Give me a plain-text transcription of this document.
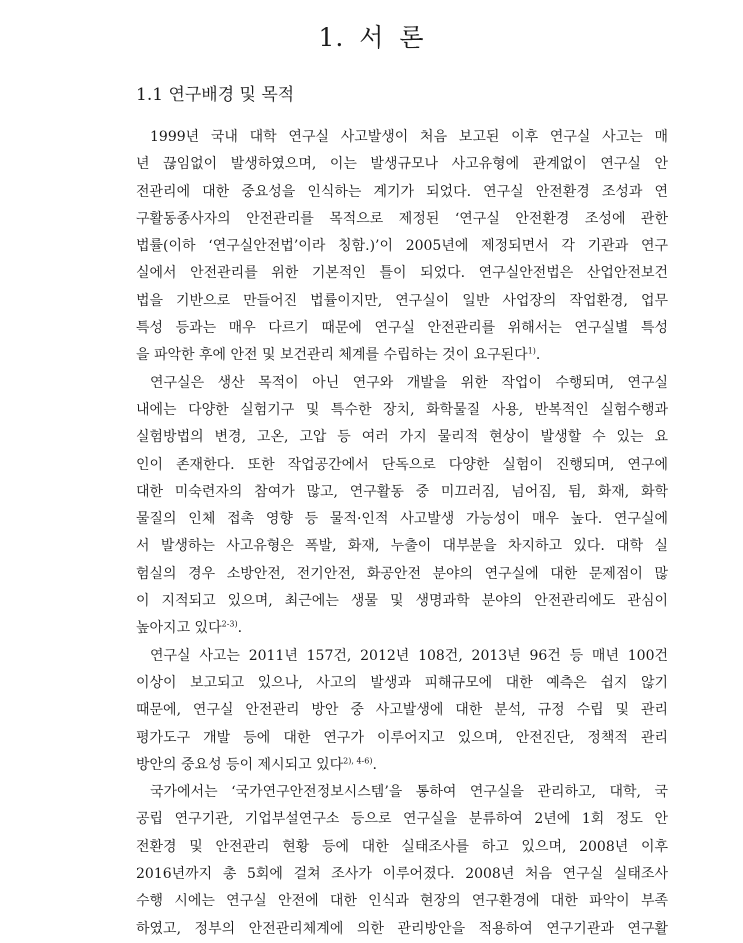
1. 서 론
1.1 연구배경 및 목적
1999년 국내 대학 연구실 사고발생이 처음 보고된 이후 연구실 사고는 매
년 끊임없이 발생하였으며, 이는 발생규모나 사고유형에 관계없이 연구실 안
전관리에 대한 중요성을 인식하는 계기가 되었다. 연구실 안전환경 조성과 연
구활동종사자의 안전관리를 목적으로 제정된 ‘연구실 안전환경 조성에 관한
법률(이하 ‘연구실안전법’이라 칭함.)’이 2005년에 제정되면서 각 기관과 연구
실에서 안전관리를 위한 기본적인 틀이 되었다. 연구실안전법은 산업안전보건
법을 기반으로 만들어진 법률이지만, 연구실이 일반 사업장의 작업환경, 업무
특성 등과는 매우 다르기 때문에 연구실 안전관리를 위해서는 연구실별 특성
을 파악한 후에 안전 및 보건관리 체계를 수립하는 것이 요구된다$^{1)}$.
연구실은 생산 목적이 아닌 연구와 개발을 위한 작업이 수행되며, 연구실
내에는 다양한 실험기구 및 특수한 장치, 화학물질 사용, 반복적인 실험수행과
실험방법의 변경, 고온, 고압 등 여러 가지 물리적 현상이 발생할 수 있는 요
인이 존재한다. 또한 작업공간에서 단독으로 다양한 실험이 진행되며, 연구에
대한 미숙련자의 참여가 많고, 연구활동 중 미끄러짐, 넘어짐, 뒴, 화재, 화학
물질의 인체 접촉 영향 등 물적·인적 사고발생 가능성이 매우 높다. 연구실에
서 발생하는 사고유형은 폭발, 화재, 누출이 대부분을 차지하고 있다. 대학 실
험실의 경우 소방안전, 전기안전, 화공안전 분야의 연구실에 대한 문제점이 많
이 지적되고 있으며, 최근에는 생물 및 생명과학 분야의 안전관리에도 관심이
높아지고 있다$^{2-3)}$.
연구실 사고는 2011년 157건, 2012년 108건, 2013년 96건 등 매년 100건
이상이 보고되고 있으나, 사고의 발생과 피해규모에 대한 예측은 쉽지 않기
때문에, 연구실 안전관리 방안 중 사고발생에 대한 분석, 규정 수립 및 관리
평가도구 개발 등에 대한 연구가 이루어지고 있으며, 안전진단, 정책적 관리
방안의 중요성 등이 제시되고 있다$^{2), 4-6)}$.
국가에서는 ‘국가연구안전정보시스템’을 통하여 연구실을 관리하고, 대학, 국
공립 연구기관, 기업부설연구소 등으로 연구실을 분류하여 2년에 1회 정도 안
전환경 및 안전관리 현황 등에 대한 실태조사를 하고 있으며, 2008년 이후
2016년까지 총 5회에 걸쳐 조사가 이루어졌다. 2008년 처음 연구실 실태조사
수행 시에는 연구실 안전에 대한 인식과 현장의 연구환경에 대한 파악이 부족
하였고, 정부의 안전관리체계에 의한 관리방안을 적용하여 연구기관과 연구활
